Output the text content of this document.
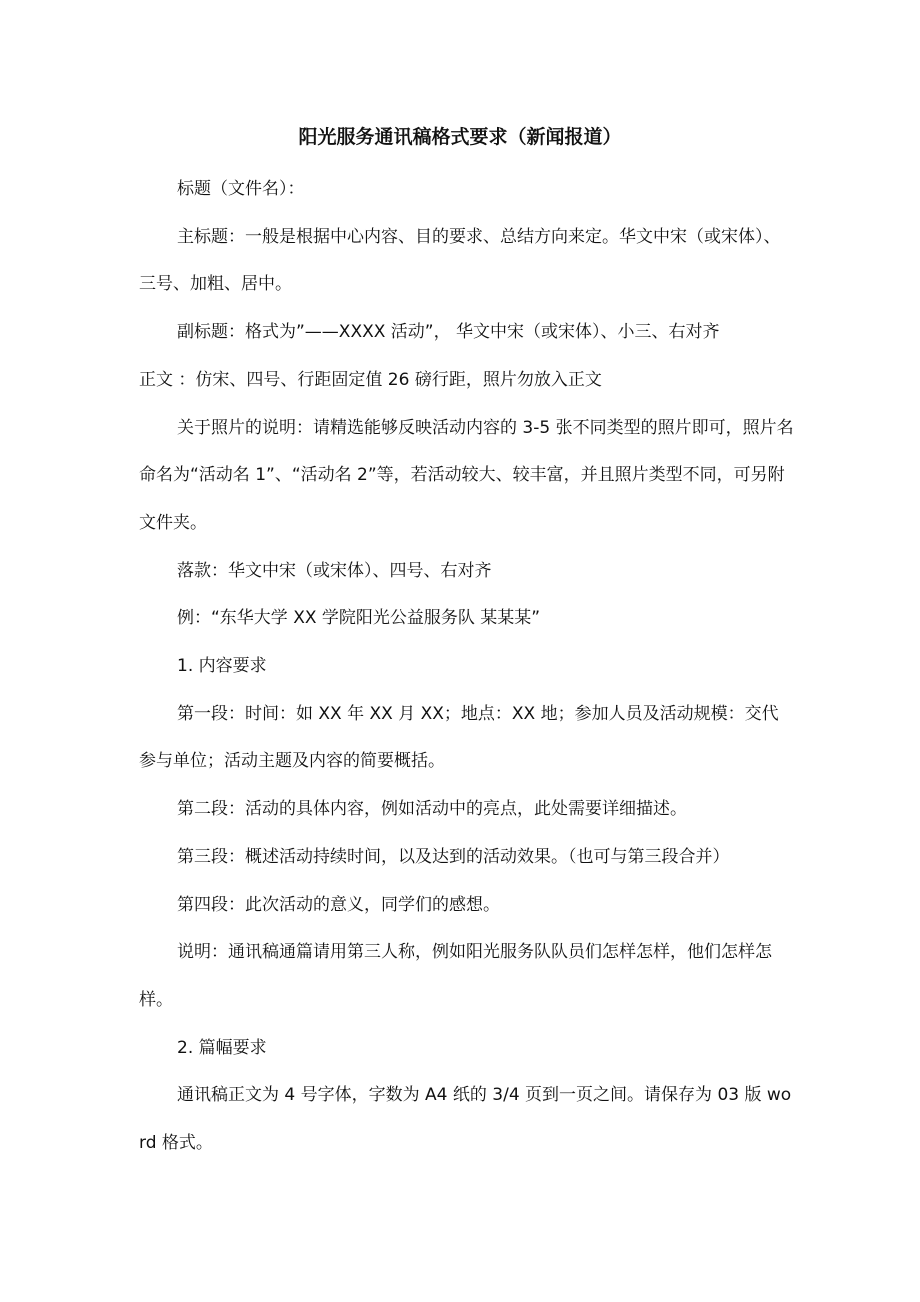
阳光服务通讯稿格式要求（新闻报道）

标题（文件名）：

主标题：一般是根据中心内容、目的要求、总结方向来定。华文中宋（或宋体）、三号、加粗、居中。

副标题：格式为”——XXXX 活动”， 华文中宋（或宋体）、小三、右对齐

正文 ：仿宋、四号、行距固定值 26 磅行距，照片勿放入正文

关于照片的说明：请精选能够反映活动内容的 3-5 张不同类型的照片即可，照片名命名为“活动名 1”、“活动名 2”等，若活动较大、较丰富，并且照片类型不同，可另附文件夹。

落款：华文中宋（或宋体）、四号、右对齐

例：“东华大学 XX 学院阳光公益服务队 某某某”

1. 内容要求

第一段：时间：如 XX 年 XX 月 XX；地点：XX 地；参加人员及活动规模：交代参与单位；活动主题及内容的简要概括。

第二段：活动的具体内容，例如活动中的亮点，此处需要详细描述。

第三段：概述活动持续时间，以及达到的活动效果。（也可与第三段合并）

第四段：此次活动的意义，同学们的感想。

说明：通讯稿通篇请用第三人称，例如阳光服务队队员们怎样怎样，他们怎样怎样。

2. 篇幅要求

通讯稿正文为 4 号字体，字数为 A4 纸的 3/4 页到一页之间。请保存为 03 版 word 格式。
